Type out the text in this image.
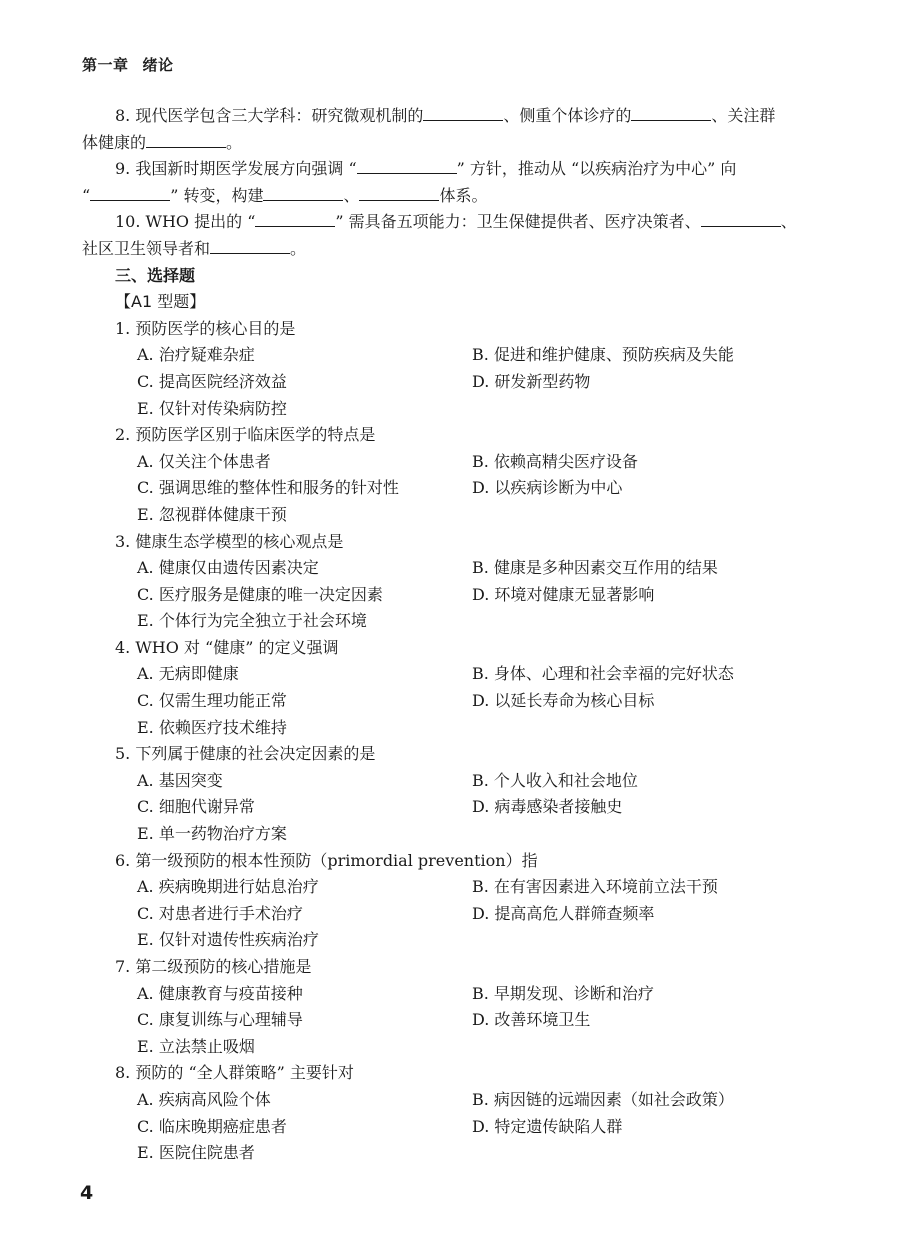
第一章 绪论
8. 现代医学包含三大学科：研究微观机制的	、侧重个体诊疗的	、关注群
体健康的	。
9. 我国新时期医学发展方向强调 “	” 方针，推动从 “以疾病治疗为中心” 向
“	” 转变，构建	、	体系。
10. WHO 提出的 “	” 需具备五项能力：卫生保健提供者、医疗决策者、	、
社区卫生领导者和	。
三、选择题
【A1 型题】
1. 预防医学的核心目的是
A. 治疗疑难杂症	B. 促进和维护健康、预防疾病及失能
C. 提高医院经济效益	D. 研发新型药物
E. 仅针对传染病防控
2. 预防医学区别于临床医学的特点是
A. 仅关注个体患者	B. 依赖高精尖医疗设备
C. 强调思维的整体性和服务的针对性	D. 以疾病诊断为中心
E. 忽视群体健康干预
3. 健康生态学模型的核心观点是
A. 健康仅由遗传因素决定	B. 健康是多种因素交互作用的结果
C. 医疗服务是健康的唯一决定因素	D. 环境对健康无显著影响
E. 个体行为完全独立于社会环境
4. WHO 对 “健康” 的定义强调
A. 无病即健康	B. 身体、心理和社会幸福的完好状态
C. 仅需生理功能正常	D. 以延长寿命为核心目标
E. 依赖医疗技术维持
5. 下列属于健康的社会决定因素的是
A. 基因突变	B. 个人收入和社会地位
C. 细胞代谢异常	D. 病毒感染者接触史
E. 单一药物治疗方案
6. 第一级预防的根本性预防（primordial prevention）指
A. 疾病晚期进行姑息治疗	B. 在有害因素进入环境前立法干预
C. 对患者进行手术治疗	D. 提高高危人群筛查频率
E. 仅针对遗传性疾病治疗
7. 第二级预防的核心措施是
A. 健康教育与疫苗接种	B. 早期发现、诊断和治疗
C. 康复训练与心理辅导	D. 改善环境卫生
E. 立法禁止吸烟
8. 预防的 “全人群策略” 主要针对
A. 疾病高风险个体	B. 病因链的远端因素（如社会政策）
C. 临床晚期癌症患者	D. 特定遗传缺陷人群
E. 医院住院患者
4
